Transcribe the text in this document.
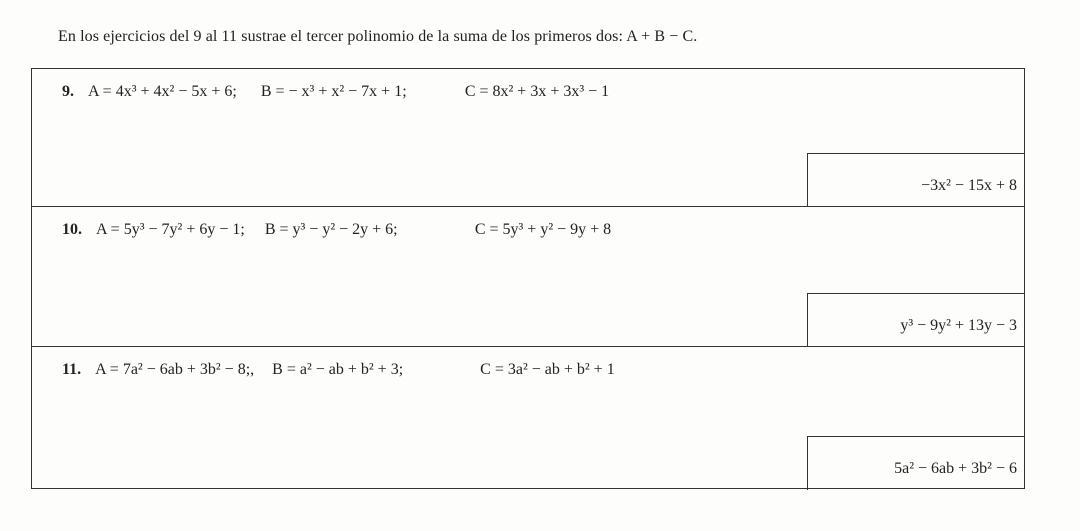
En los ejercicios del 9 al 11 sustrae el tercer polinomio de la suma de los primeros dos: A + B − C.
9. A = 4x³ + 4x² − 5x + 6; B = − x³ + x² − 7x + 1;	C = 8x² + 3x + 3x³ − 1
−3x² − 15x + 8
10. A = 5y³ − 7y² + 6y − 1; B = y³ − y² − 2y + 6;	C = 5y³ + y² − 9y + 8
y³ − 9y² + 13y − 3
11. A = 7a² − 6ab + 3b² − 8;, B = a² − ab + b² + 3;	C = 3a² − ab + b² + 1
5a² − 6ab + 3b² − 6
